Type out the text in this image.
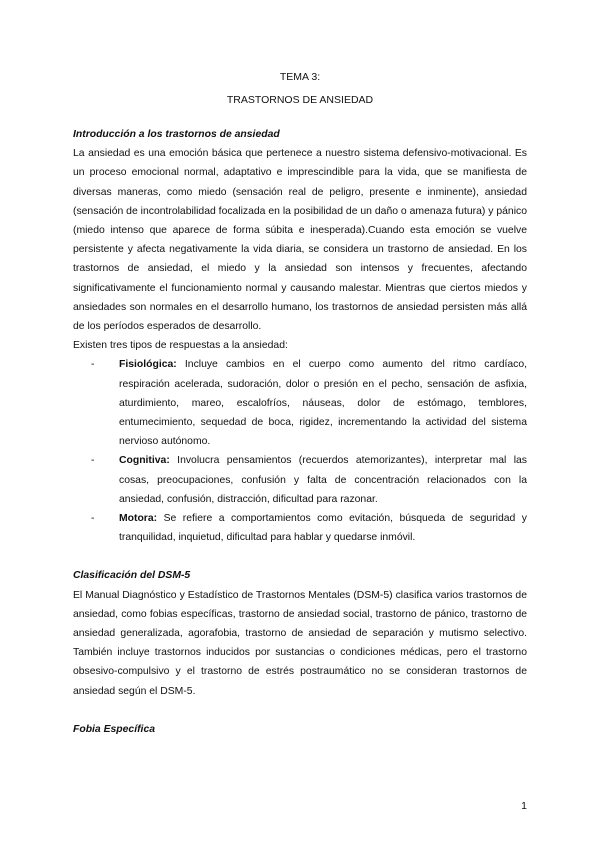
TEMA 3:
TRASTORNOS DE ANSIEDAD

Introducción a los trastornos de ansiedad

La ansiedad es una emoción básica que pertenece a nuestro sistema defensivo-motivacional. Es un proceso emocional normal, adaptativo e imprescindible para la vida, que se manifiesta de diversas maneras, como miedo (sensación real de peligro, presente e inminente), ansiedad (sensación de incontrolabilidad focalizada en la posibilidad de un daño o amenaza futura) y pánico (miedo intenso que aparece de forma súbita e inesperada).Cuando esta emoción se vuelve persistente y afecta negativamente la vida diaria, se considera un trastorno de ansiedad. En los trastornos de ansiedad, el miedo y la ansiedad son intensos y frecuentes, afectando significativamente el funcionamiento normal y causando malestar. Mientras que ciertos miedos y ansiedades son normales en el desarrollo humano, los trastornos de ansiedad persisten más allá de los períodos esperados de desarrollo.

Existen tres tipos de respuestas a la ansiedad:

- Fisiológica: Incluye cambios en el cuerpo como aumento del ritmo cardíaco, respiración acelerada, sudoración, dolor o presión en el pecho, sensación de asfixia, aturdimiento, mareo, escalofríos, náuseas, dolor de estómago, temblores, entumecimiento, sequedad de boca, rigidez, incrementando la actividad del sistema nervioso autónomo.
- Cognitiva: Involucra pensamientos (recuerdos atemorizantes), interpretar mal las cosas, preocupaciones, confusión y falta de concentración relacionados con la ansiedad, confusión, distracción, dificultad para razonar.
- Motora: Se refiere a comportamientos como evitación, búsqueda de seguridad y tranquilidad, inquietud, dificultad para hablar y quedarse inmóvil.

Clasificación del DSM-5

El Manual Diagnóstico y Estadístico de Trastornos Mentales (DSM-5) clasifica varios trastornos de ansiedad, como fobias específicas, trastorno de ansiedad social, trastorno de pánico, trastorno de ansiedad generalizada, agorafobia, trastorno de ansiedad de separación y mutismo selectivo. También incluye trastornos inducidos por sustancias o condiciones médicas, pero el trastorno obsesivo-compulsivo y el trastorno de estrés postraumático no se consideran trastornos de ansiedad según el DSM-5.

Fobia Específica

1
